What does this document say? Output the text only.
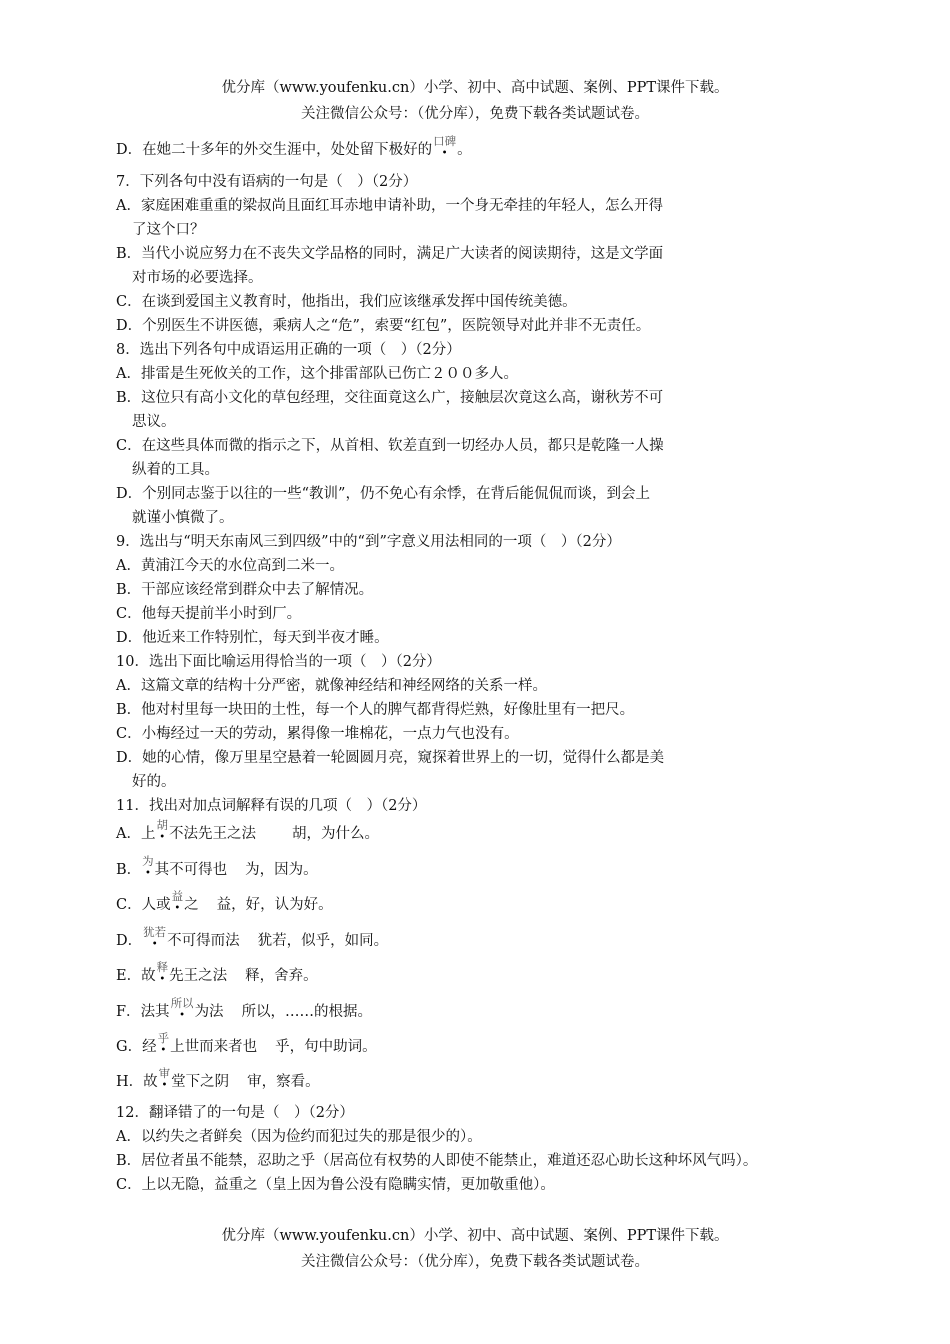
优分库（www.youfenku.cn）小学、初中、高中试题、案例、PPT课件下载。
关注微信公众号：（优分库），免费下载各类试题试卷。
D．在她二十多年的外交生涯中，处处留下极好的口碑。
7．下列各句中没有语病的一句是（　）（2分）
A．家庭困难重重的梁叔尚且面红耳赤地申请补助，一个身无牵挂的年轻人，怎么开得
了这个口？
B．当代小说应努力在不丧失文学品格的同时，满足广大读者的阅读期待，这是文学面
对市场的必要选择。
C．在谈到爱国主义教育时，他指出，我们应该继承发挥中国传统美德。
D．个别医生不讲医德，乘病人之“危”，索要“红包”，医院领导对此并非不无责任。
8．选出下列各句中成语运用正确的一项（　）（2分）
A．排雷是生死攸关的工作，这个排雷部队已伤亡２００多人。
B．这位只有高小文化的草包经理，交往面竟这么广，接触层次竟这么高，谢秋芳不可
思议。
C．在这些具体而微的指示之下，从首相、钦差直到一切经办人员，都只是乾隆一人操
纵着的工具。
D．个别同志鉴于以往的一些“教训”，仍不免心有余悸，在背后能侃侃而谈，到会上
就谨小慎微了。
9．选出与“明天东南风三到四级”中的“到”字意义用法相同的一项（　）（2分）
A．黄浦江今天的水位高到二米一。
B．干部应该经常到群众中去了解情况。
C．他每天提前半小时到厂。
D．他近来工作特别忙，每天到半夜才睡。
10．选出下面比喻运用得恰当的一项（　）（2分）
A．这篇文章的结构十分严密，就像神经结和神经网络的关系一样。
B．他对村里每一块田的土性，每一个人的脾气都背得烂熟，好像肚里有一把尺。
C．小梅经过一天的劳动，累得像一堆棉花，一点力气也没有。
D．她的心情，像万里星空悬着一轮圆圆月亮，窥探着世界上的一切，觉得什么都是美
好的。
11．找出对加点词解释有误的几项（　）（2分）
A．上胡不法先王之法 胡，为什么。
B．为其不可得也 为，因为。
C．人或益之 益，好，认为好。
D．犹若不可得而法 犹若，似乎，如同。
E．故释先王之法 释，舍弃。
F．法其所以为法 所以，……的根据。
G．经乎上世而来者也 乎，句中助词。
H．故审堂下之阴 审，察看。
12．翻译错了的一句是（　）（2分）
A．以约失之者鲜矣（因为俭约而犯过失的那是很少的）。
B．居位者虽不能禁，忍助之乎（居高位有权势的人即使不能禁止，难道还忍心助长这种坏风气吗）。
C．上以无隐，益重之（皇上因为鲁公没有隐瞒实情，更加敬重他）。
优分库（www.youfenku.cn）小学、初中、高中试题、案例、PPT课件下载。
关注微信公众号：（优分库），免费下载各类试题试卷。
